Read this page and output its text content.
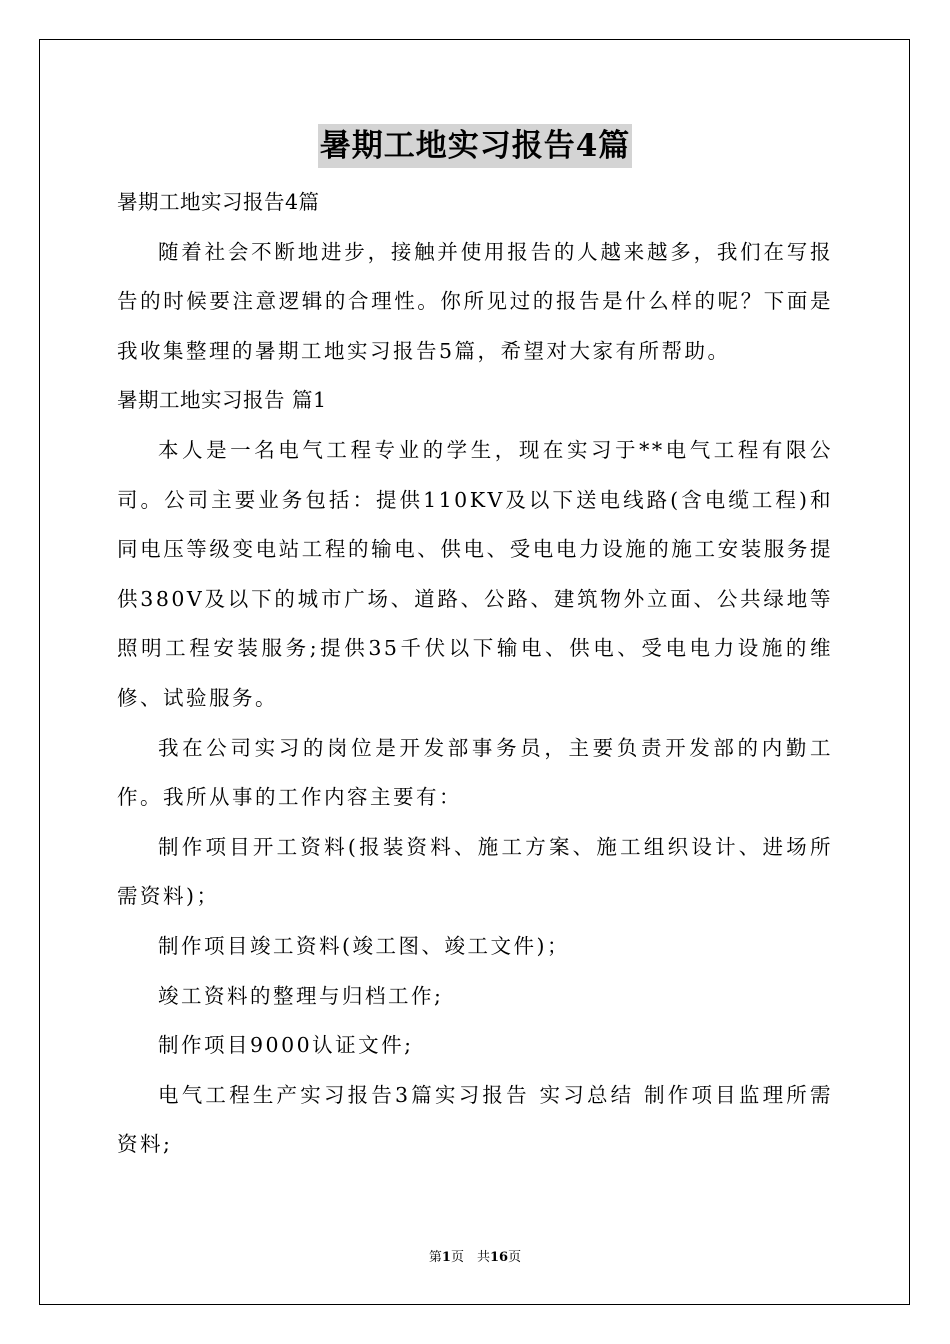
暑期工地实习报告4篇

暑期工地实习报告4篇

随着社会不断地进步，接触并使用报告的人越来越多，我们在写报告的时候要注意逻辑的合理性。你所见过的报告是什么样的呢？下面是我收集整理的暑期工地实习报告5篇，希望对大家有所帮助。

暑期工地实习报告 篇1

本人是一名电气工程专业的学生，现在实习于**电气工程有限公司。公司主要业务包括：提供110KV及以下送电线路(含电缆工程)和同电压等级变电站工程的输电、供电、受电电力设施的施工安装服务提供380V及以下的城市广场、道路、公路、建筑物外立面、公共绿地等照明工程安装服务;提供35千伏以下输电、供电、受电电力设施的维修、试验服务。

我在公司实习的岗位是开发部事务员，主要负责开发部的内勤工作。我所从事的工作内容主要有：

制作项目开工资料(报装资料、施工方案、施工组织设计、进场所需资料)；

制作项目竣工资料(竣工图、竣工文件)；

竣工资料的整理与归档工作;

制作项目9000认证文件;

电气工程生产实习报告3篇实习报告 实习总结 制作项目监理所需资料;

第1页　共16页
